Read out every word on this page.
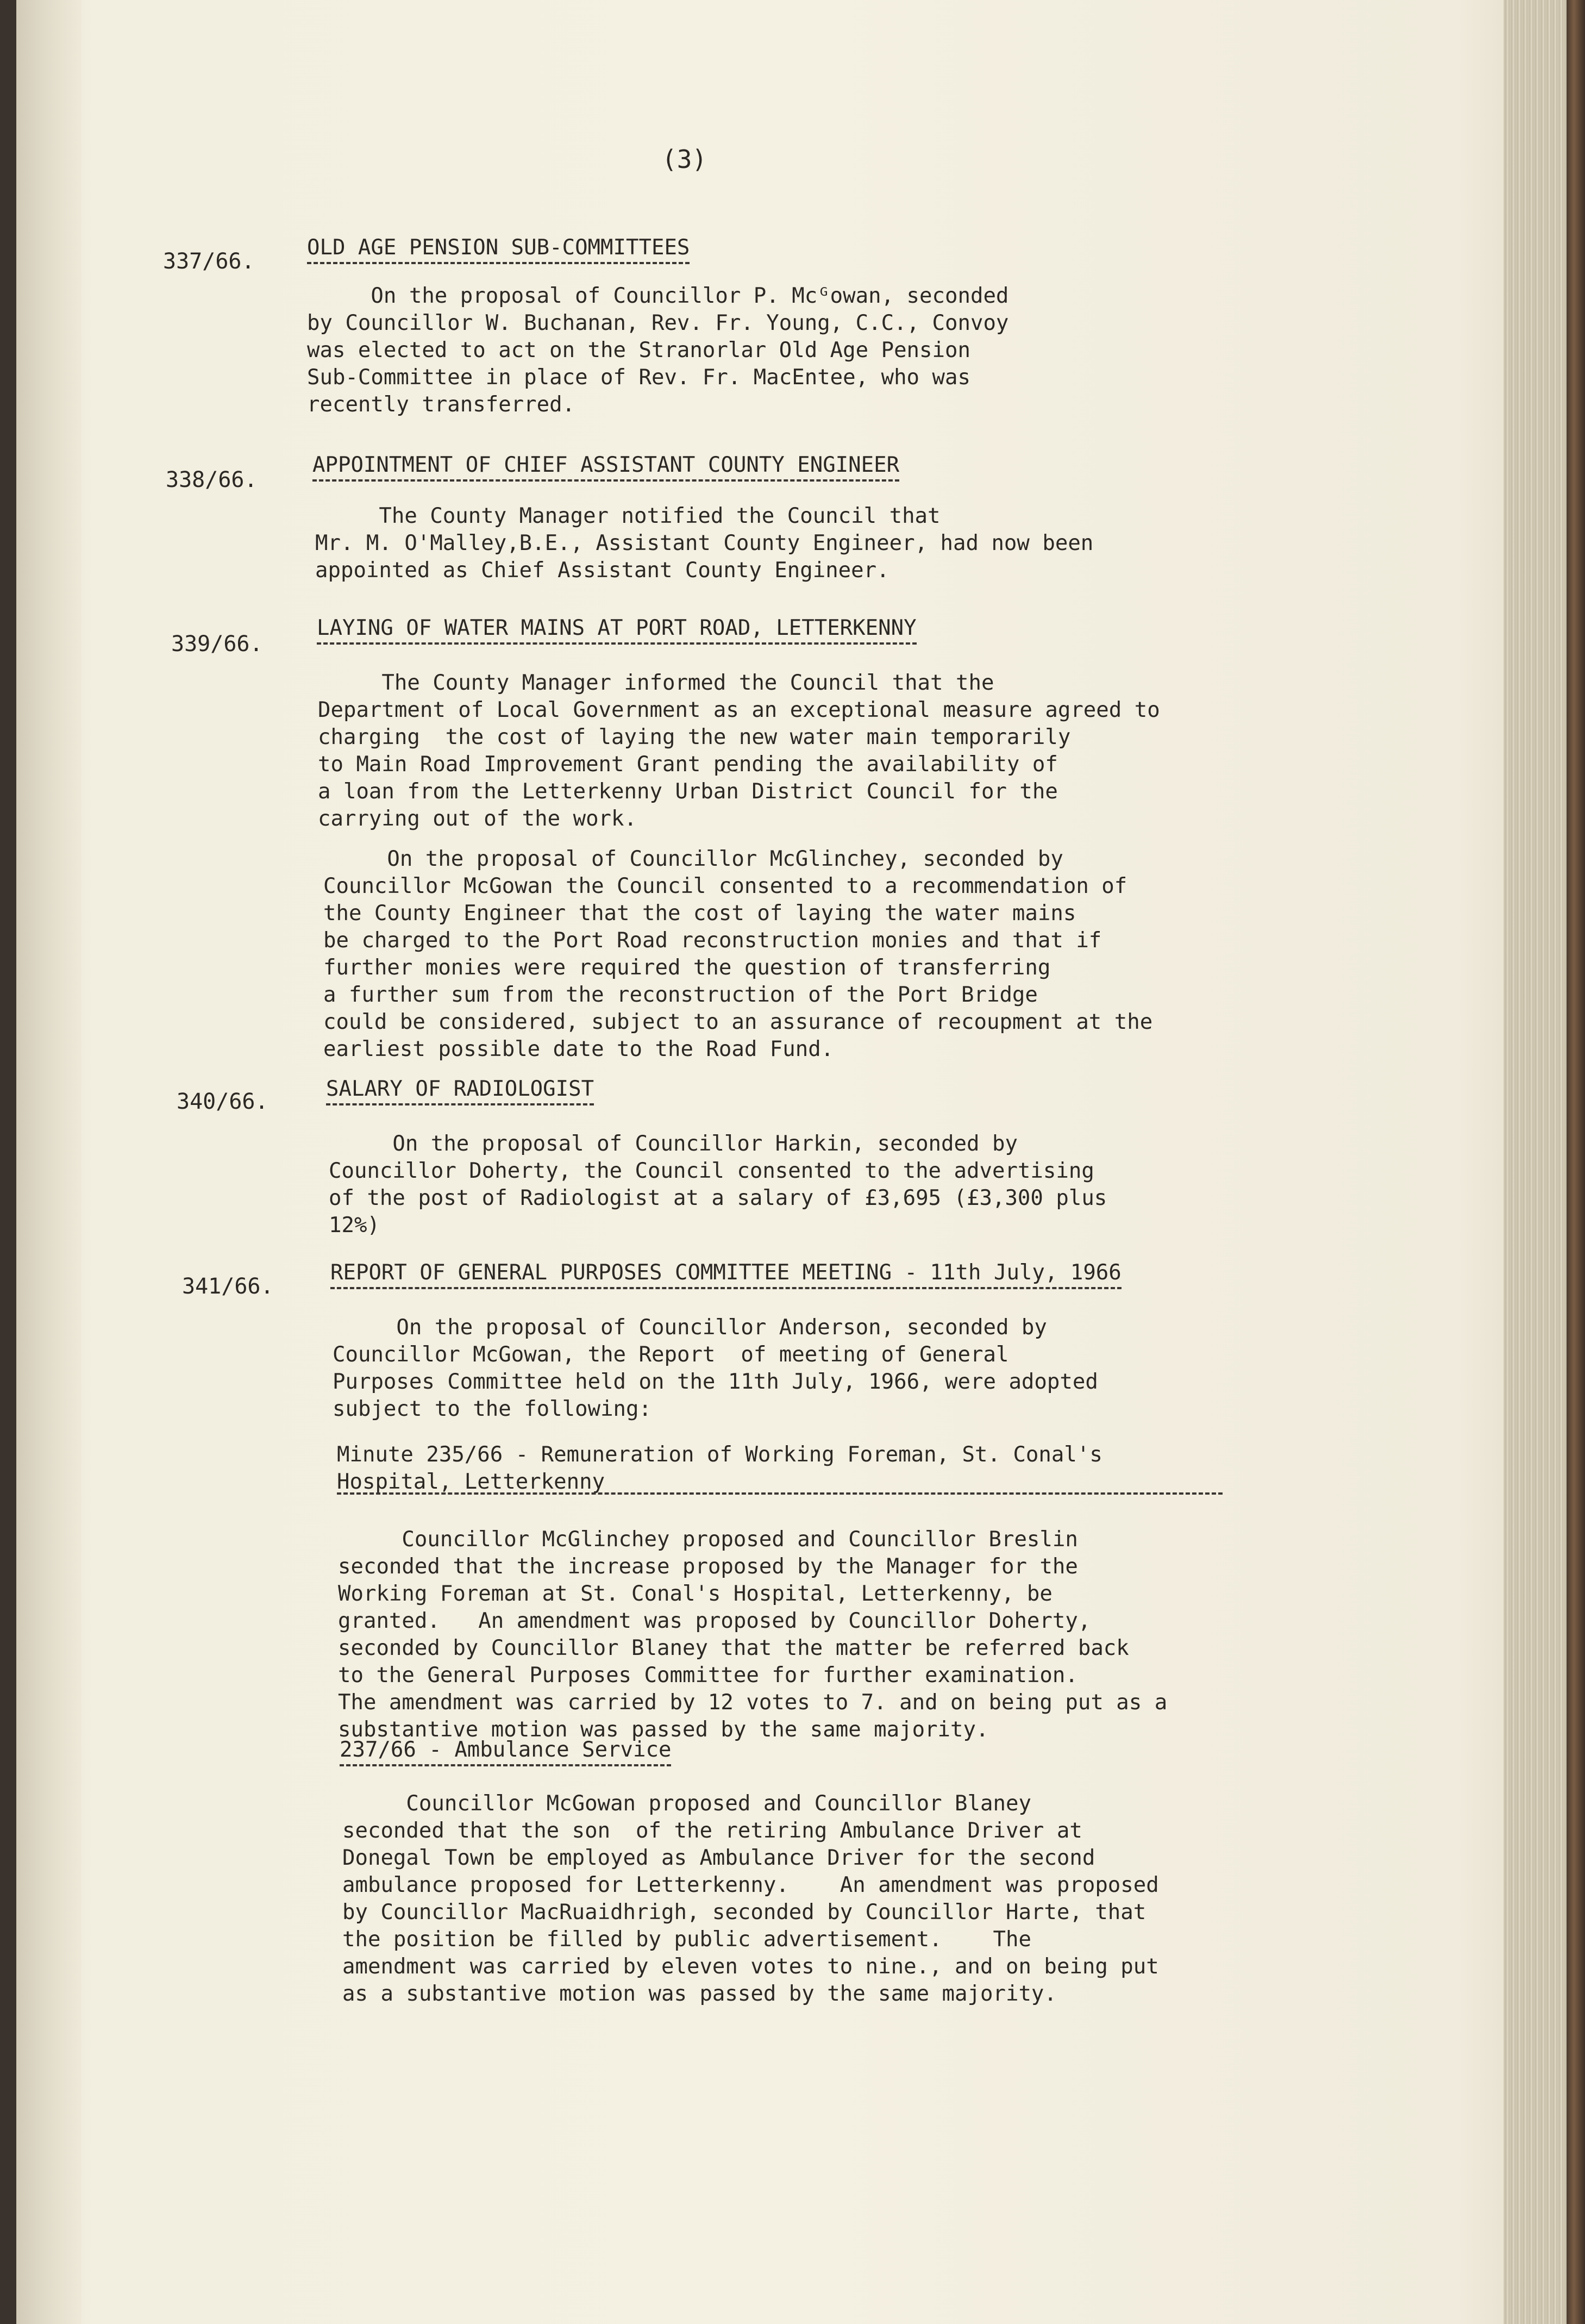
(3)
337/66.
OLD AGE PENSION SUB-COMMITTEES
On the proposal of Councillor P. Mcᴳowan, seconded
by Councillor W. Buchanan, Rev. Fr. Young, C.C., Convoy
was elected to act on the Stranorlar Old Age Pension
Sub-Committee in place of Rev. Fr. MacEntee, who was
recently transferred.
338/66.
APPOINTMENT OF CHIEF ASSISTANT COUNTY ENGINEER
The County Manager notified the Council that
Mr. M. O'Malley,B.E., Assistant County Engineer, had now been
appointed as Chief Assistant County Engineer.
339/66.
LAYING OF WATER MAINS AT PORT ROAD, LETTERKENNY
The County Manager informed the Council that the
Department of Local Government as an exceptional measure agreed to
charging  the cost of laying the new water main temporarily
to Main Road Improvement Grant pending the availability of
a loan from the Letterkenny Urban District Council for the
carrying out of the work.
On the proposal of Councillor McGlinchey, seconded by
Councillor McGowan the Council consented to a recommendation of
the County Engineer that the cost of laying the water mains
be charged to the Port Road reconstruction monies and that if
further monies were required the question of transferring
a further sum from the reconstruction of the Port Bridge
could be considered, subject to an assurance of recoupment at the
earliest possible date to the Road Fund.
340/66.
SALARY OF RADIOLOGIST
On the proposal of Councillor Harkin, seconded by
Councillor Doherty, the Council consented to the advertising
of the post of Radiologist at a salary of £3,695 (£3,300 plus
12%)
341/66.
REPORT OF GENERAL PURPOSES COMMITTEE MEETING - 11th July, 1966
On the proposal of Councillor Anderson, seconded by
Councillor McGowan, the Report  of meeting of General
Purposes Committee held on the 11th July, 1966, were adopted
subject to the following:
Minute 235/66 - Remuneration of Working Foreman, St. Conal's
Hospital, Letterkenny
Councillor McGlinchey proposed and Councillor Breslin
seconded that the increase proposed by the Manager for the
Working Foreman at St. Conal's Hospital, Letterkenny, be
granted.   An amendment was proposed by Councillor Doherty,
seconded by Councillor Blaney that the matter be referred back
to the General Purposes Committee for further examination.
The amendment was carried by 12 votes to 7. and on being put as a
substantive motion was passed by the same majority.
237/66 - Ambulance Service
Councillor McGowan proposed and Councillor Blaney
seconded that the son  of the retiring Ambulance Driver at
Donegal Town be employed as Ambulance Driver for the second
ambulance proposed for Letterkenny.    An amendment was proposed
by Councillor MacRuaidhrigh, seconded by Councillor Harte, that
the position be filled by public advertisement.    The
amendment was carried by eleven votes to nine., and on being put
as a substantive motion was passed by the same majority.
